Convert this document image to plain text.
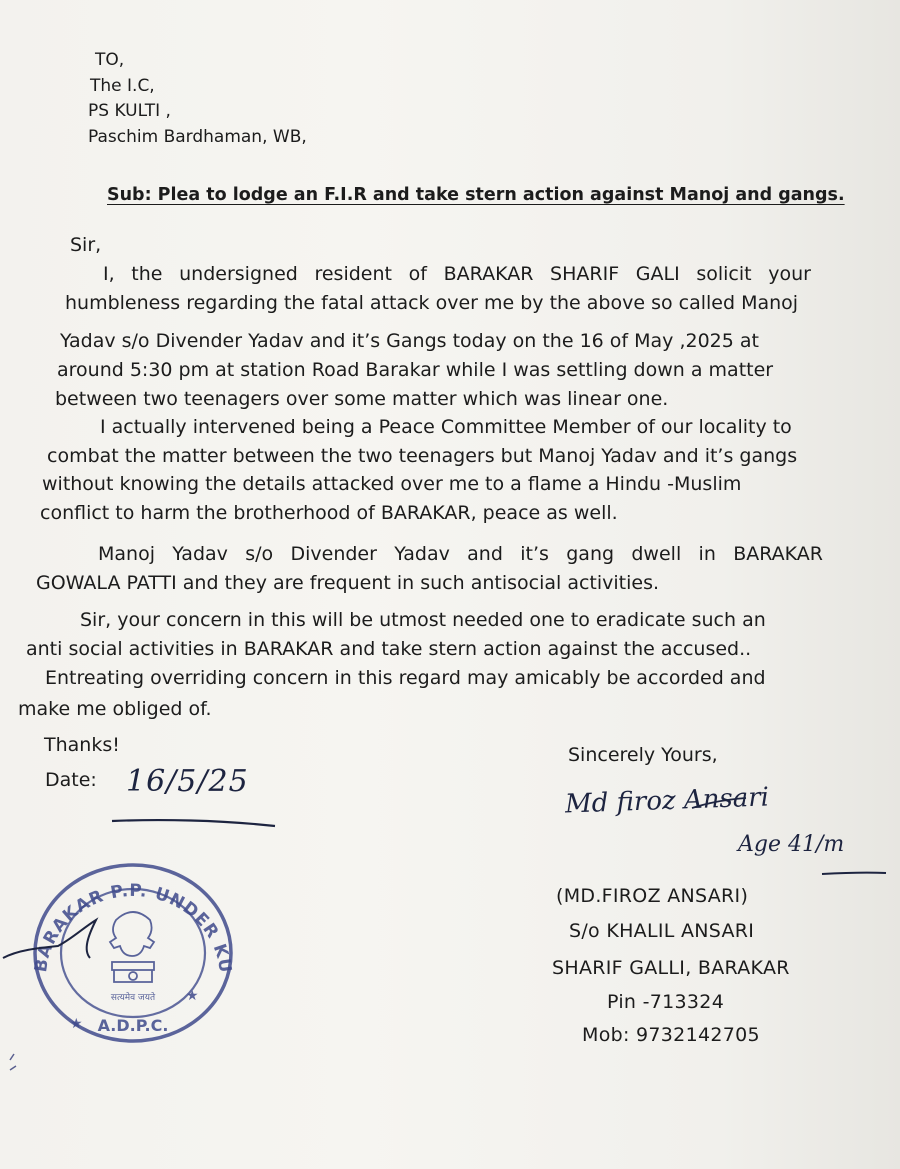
TO,
The I.C,
PS KULTI ,
Paschim Bardhaman, WB,
Sub: Plea to lodge an F.I.R and take stern action against Manoj and gangs.
Sir,
I, the undersigned resident of BARAKAR SHARIF GALI solicit your
humbleness regarding the fatal attack over me by the above so called Manoj
Yadav s/o Divender Yadav and it’s Gangs today on the 16 of May ,2025 at
around 5:30 pm at station Road Barakar while I was settling down a matter
between two teenagers over some matter which was linear one.
I actually intervened being a Peace Committee Member of our locality to
combat the matter between the two teenagers but Manoj Yadav and it’s gangs
without knowing the details attacked over me to a flame a Hindu -Muslim
conflict to harm the brotherhood of BARAKAR, peace as well.
Manoj Yadav s/o Divender Yadav and it’s gang dwell in BARAKAR
GOWALA PATTI and they are frequent in such antisocial activities.
Sir, your concern in this will be utmost needed one to eradicate such an
anti social activities in BARAKAR and take stern action against the accused..
Entreating overriding concern in this regard may amicably be accorded and
make me obliged of.
Thanks!
Date: 16/5/25
Sincerely Yours,
Md firoz Ansari
Age 41/m
(MD.FIROZ ANSARI)
S/o KHALIL ANSARI
SHARIF GALLI, BARAKAR
Pin -713324
Mob: 9732142705
BARAKAR P.P. UNDER KULTI P.S.
A.D.P.C.
★
★
सत्यमेव जयते
